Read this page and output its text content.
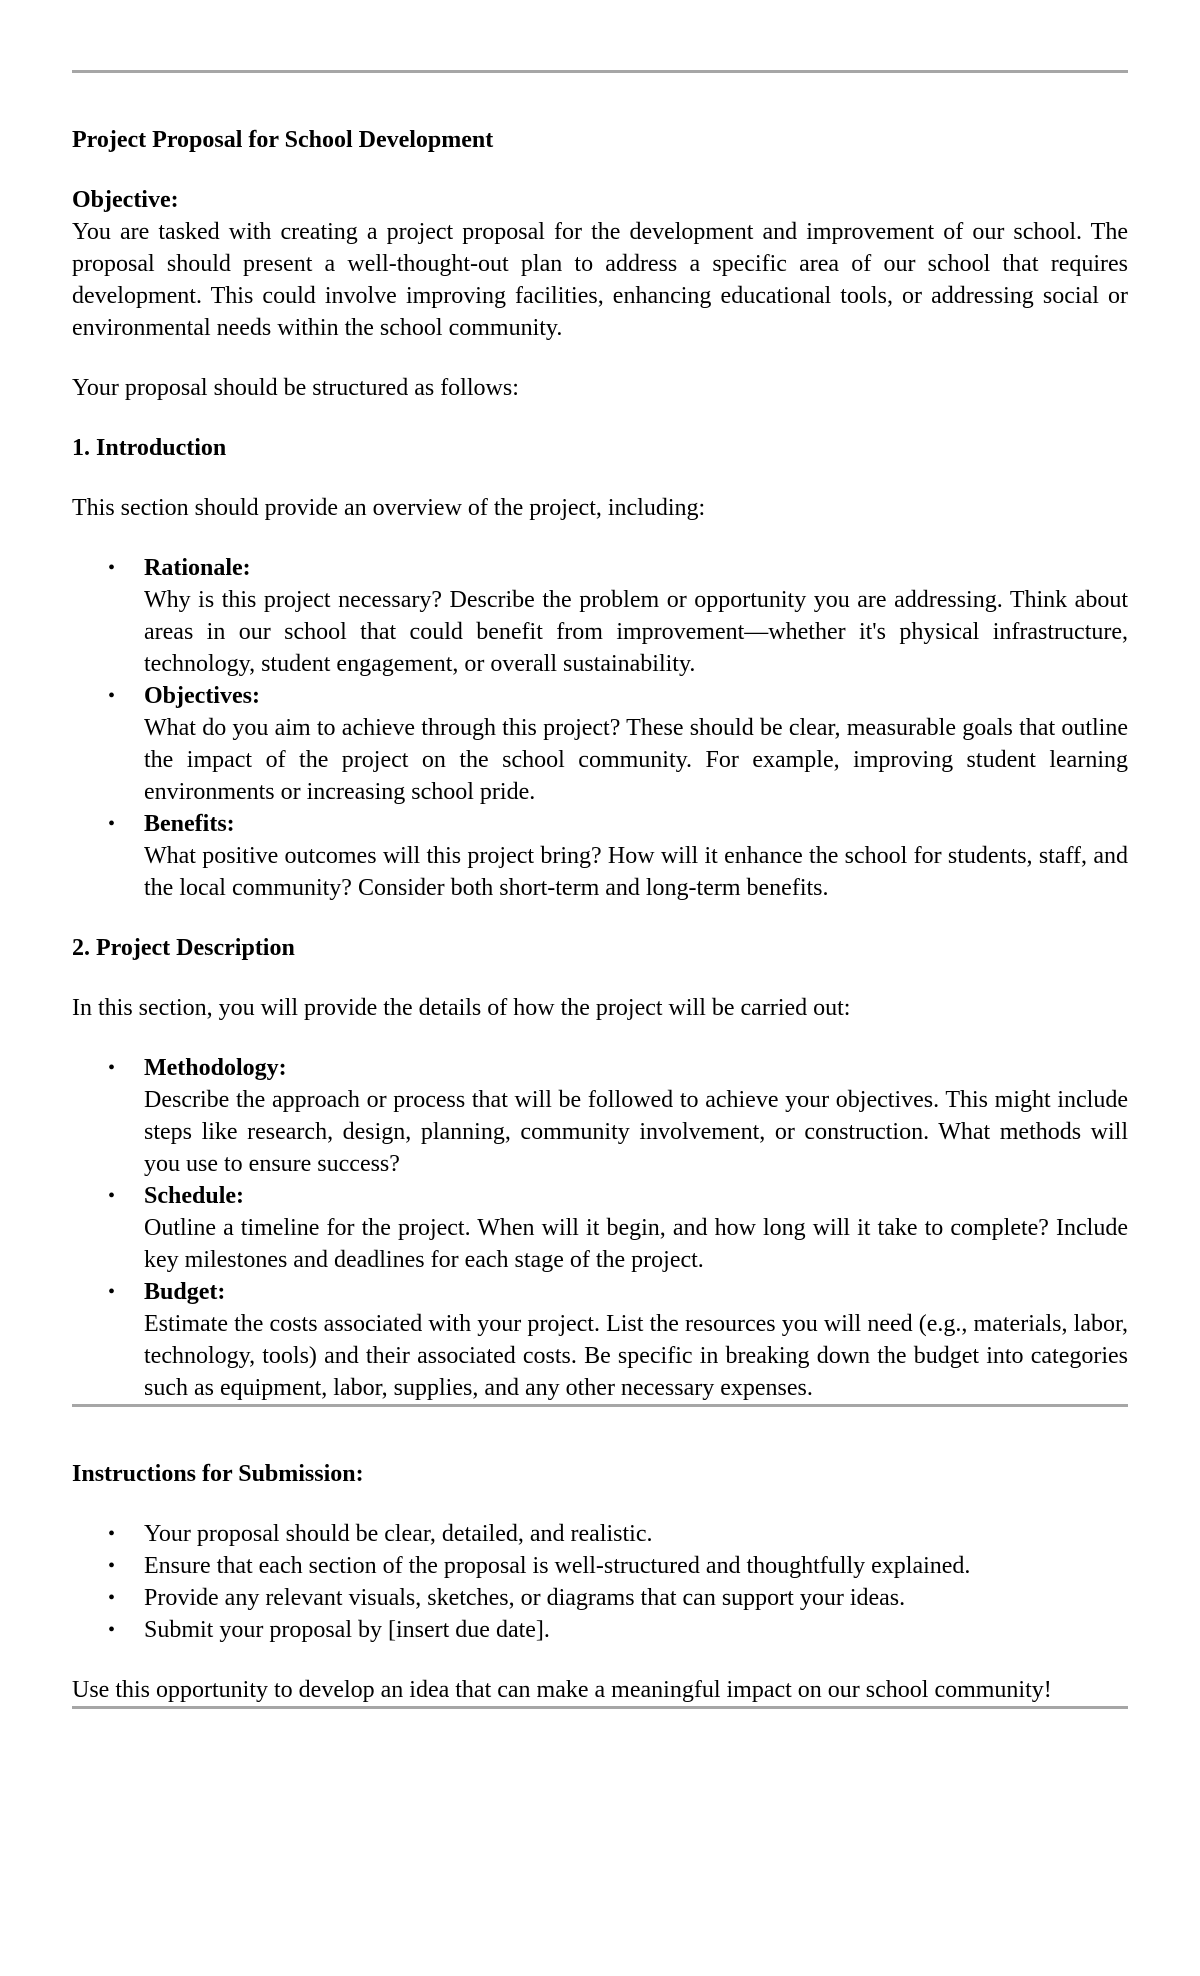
Project Proposal for School Development
Objective:

You are tasked with creating a project proposal for the development and improvement of our school. The proposal should present a well-thought-out plan to address a specific area of our school that requires development. This could involve improving facilities, enhancing educational tools, or addressing social or environmental needs within the school community.

Your proposal should be structured as follows:

1. Introduction

This section should provide an overview of the project, including:

• Rationale:
Why is this project necessary? Describe the problem or opportunity you are addressing. Think about areas in our school that could benefit from improvement—whether it's physical infrastructure, technology, student engagement, or overall sustainability.
• Objectives:
What do you aim to achieve through this project? These should be clear, measurable goals that outline the impact of the project on the school community. For example, improving student learning environments or increasing school pride.
• Benefits:
What positive outcomes will this project bring? How will it enhance the school for students, staff, and the local community? Consider both short-term and long-term benefits.
2. Project Description

In this section, you will provide the details of how the project will be carried out:

• Methodology:
Describe the approach or process that will be followed to achieve your objectives. This might include steps like research, design, planning, community involvement, or construction. What methods will you use to ensure success?
• Schedule:
Outline a timeline for the project. When will it begin, and how long will it take to complete? Include key milestones and deadlines for each stage of the project.
• Budget:
Estimate the costs associated with your project. List the resources you will need (e.g., materials, labor, technology, tools) and their associated costs. Be specific in breaking down the budget into categories such as equipment, labor, supplies, and any other necessary expenses.
Instructions for Submission:
• Your proposal should be clear, detailed, and realistic.
• Ensure that each section of the proposal is well-structured and thoughtfully explained.
• Provide any relevant visuals, sketches, or diagrams that can support your ideas.
• Submit your proposal by [insert due date].

Use this opportunity to develop an idea that can make a meaningful impact on our school community!
